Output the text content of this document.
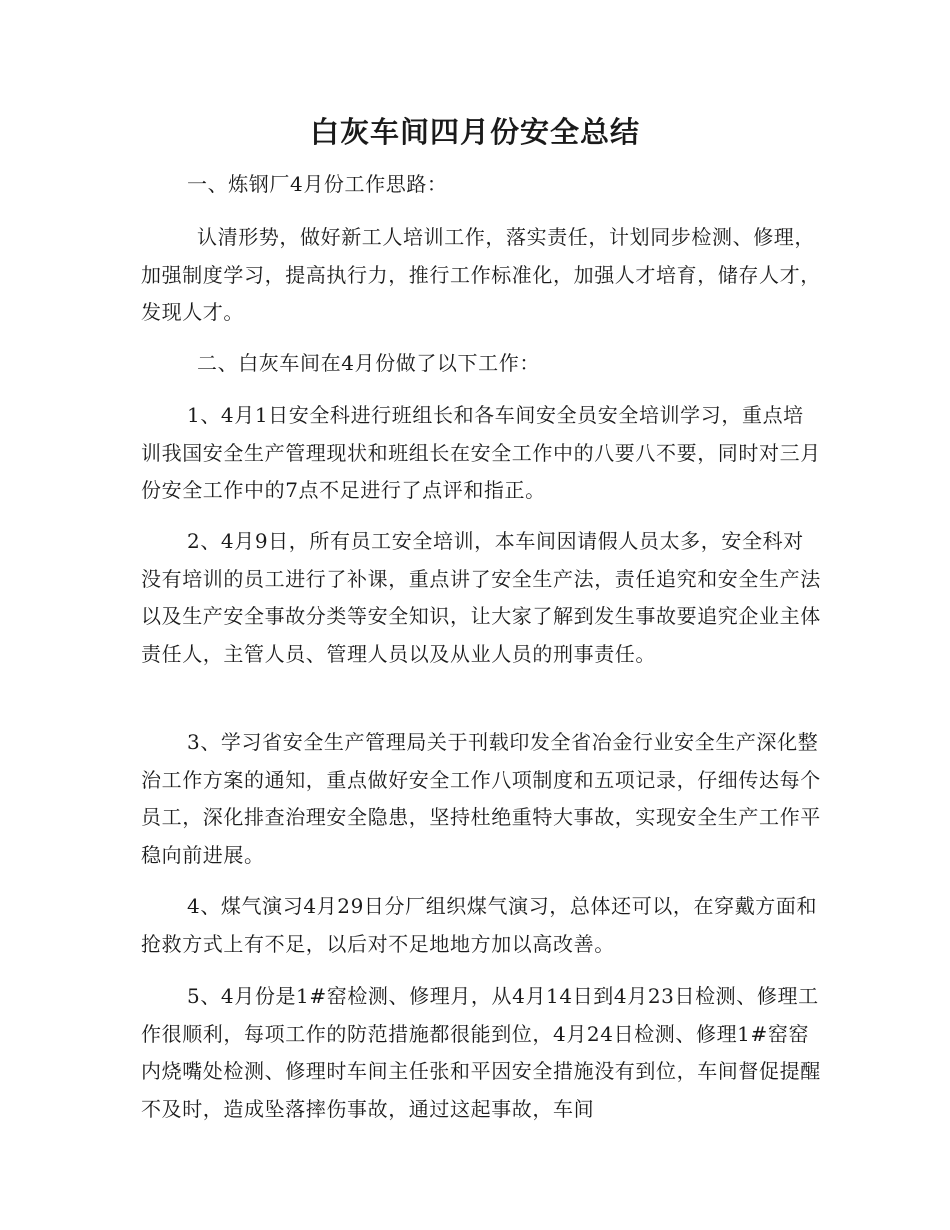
白灰车间四月份安全总结

一、炼钢厂4月份工作思路：

认清形势，做好新工人培训工作，落实责任，计划同步检测、修理，加强制度学习，提高执行力，推行工作标准化，加强人才培育，储存人才，发现人才。

二、白灰车间在4月份做了以下工作：

1、4月1日安全科进行班组长和各车间安全员安全培训学习，重点培训我国安全生产管理现状和班组长在安全工作中的八要八不要，同时对三月份安全工作中的7点不足进行了点评和指正。

2、4月9日，所有员工安全培训，本车间因请假人员太多，安全科对没有培训的员工进行了补课，重点讲了安全生产法，责任追究和安全生产法以及生产安全事故分类等安全知识，让大家了解到发生事故要追究企业主体责任人，主管人员、管理人员以及从业人员的刑事责任。

3、学习省安全生产管理局关于刊载印发全省冶金行业安全生产深化整治工作方案的通知，重点做好安全工作八项制度和五项记录，仔细传达每个员工，深化排查治理安全隐患，坚持杜绝重特大事故，实现安全生产工作平稳向前进展。

4、煤气演习4月29日分厂组织煤气演习，总体还可以，在穿戴方面和抢救方式上有不足，以后对不足地地方加以高改善。

5、4月份是1#窑检测、修理月，从4月14日到4月23日检测、修理工作很顺利，每项工作的防范措施都很能到位，4月24日检测、修理1#窑窑内烧嘴处检测、修理时车间主任张和平因安全措施没有到位，车间督促提醒不及时，造成坠落摔伤事故，通过这起事故，车间
